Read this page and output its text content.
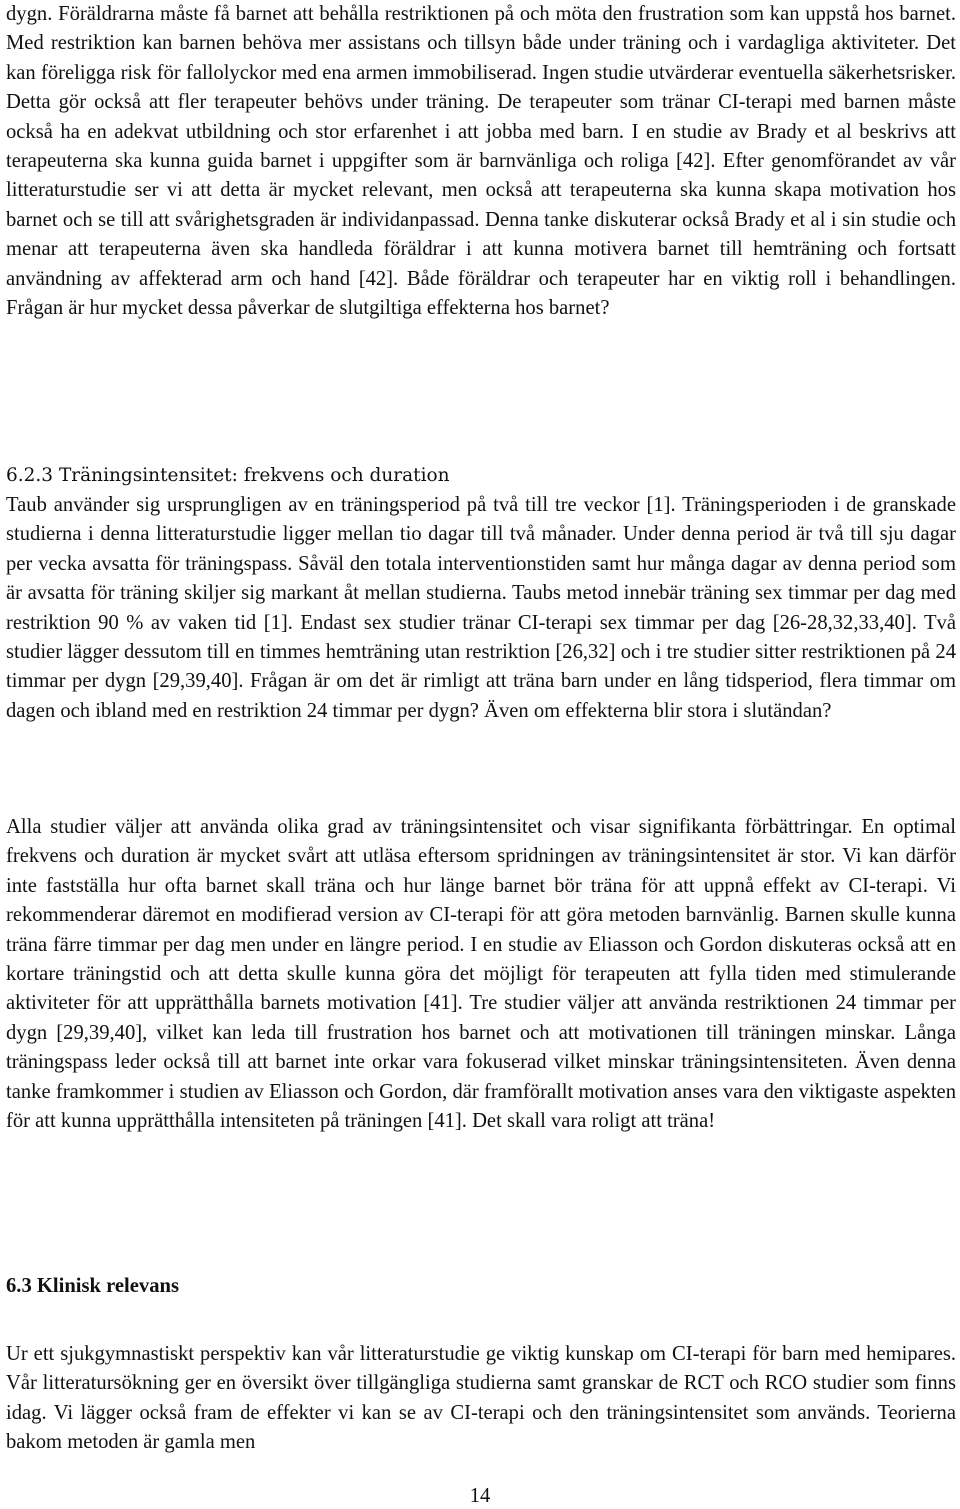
dygn. Föräldrarna måste få barnet att behålla restriktionen på och möta den frustration som kan uppstå hos barnet. Med restriktion kan barnen behöva mer assistans och tillsyn både under träning och i vardagliga aktiviteter. Det kan föreligga risk för fallolyckor med ena armen immobiliserad. Ingen studie utvärderar eventuella säkerhetsrisker. Detta gör också att fler terapeuter behövs under träning. De terapeuter som tränar CI-terapi med barnen måste också ha en adekvat utbildning och stor erfarenhet i att jobba med barn. I en studie av Brady et al beskrivs att terapeuterna ska kunna guida barnet i uppgifter som är barnvänliga och roliga [42]. Efter genomförandet av vår litteraturstudie ser vi att detta är mycket relevant, men också att terapeuterna ska kunna skapa motivation hos barnet och se till att svårighetsgraden är individanpassad. Denna tanke diskuterar också Brady et al i sin studie och menar att terapeuterna även ska handleda föräldrar i att kunna motivera barnet till hemträning och fortsatt användning av affekterad arm och hand [42]. Både föräldrar och terapeuter har en viktig roll i behandlingen. Frågan är hur mycket dessa påverkar de slutgiltiga effekterna hos barnet?

6.2.3 Träningsintensitet: frekvens och duration

Taub använder sig ursprungligen av en träningsperiod på två till tre veckor [1]. Träningsperioden i de granskade studierna i denna litteraturstudie ligger mellan tio dagar till två månader. Under denna period är två till sju dagar per vecka avsatta för träningspass. Såväl den totala interventionstiden samt hur många dagar av denna period som är avsatta för träning skiljer sig markant åt mellan studierna. Taubs metod innebär träning sex timmar per dag med restriktion 90 % av vaken tid [1]. Endast sex studier tränar CI-terapi sex timmar per dag [26-28,32,33,40]. Två studier lägger dessutom till en timmes hemträning utan restriktion [26,32] och i tre studier sitter restriktionen på 24 timmar per dygn [29,39,40]. Frågan är om det är rimligt att träna barn under en lång tidsperiod, flera timmar om dagen och ibland med en restriktion 24 timmar per dygn? Även om effekterna blir stora i slutändan?

Alla studier väljer att använda olika grad av träningsintensitet och visar signifikanta förbättringar. En optimal frekvens och duration är mycket svårt att utläsa eftersom spridningen av träningsintensitet är stor. Vi kan därför inte fastställa hur ofta barnet skall träna och hur länge barnet bör träna för att uppnå effekt av CI-terapi. Vi rekommenderar däremot en modifierad version av CI-terapi för att göra metoden barnvänlig. Barnen skulle kunna träna färre timmar per dag men under en längre period. I en studie av Eliasson och Gordon diskuteras också att en kortare träningstid och att detta skulle kunna göra det möjligt för terapeuten att fylla tiden med stimulerande aktiviteter för att upprätthålla barnets motivation [41]. Tre studier väljer att använda restriktionen 24 timmar per dygn [29,39,40], vilket kan leda till frustration hos barnet och att motivationen till träningen minskar. Långa träningspass leder också till att barnet inte orkar vara fokuserad vilket minskar träningsintensiteten. Även denna tanke framkommer i studien av Eliasson och Gordon, där framförallt motivation anses vara den viktigaste aspekten för att kunna upprätthålla intensiteten på träningen [41]. Det skall vara roligt att träna!

6.3 Klinisk relevans

Ur ett sjukgymnastiskt perspektiv kan vår litteraturstudie ge viktig kunskap om CI-terapi för barn med hemipares. Vår litteratursökning ger en översikt över tillgängliga studierna samt granskar de RCT och RCO studier som finns idag. Vi lägger också fram de effekter vi kan se av CI-terapi och den träningsintensitet som används. Teorierna bakom metoden är gamla men

14
